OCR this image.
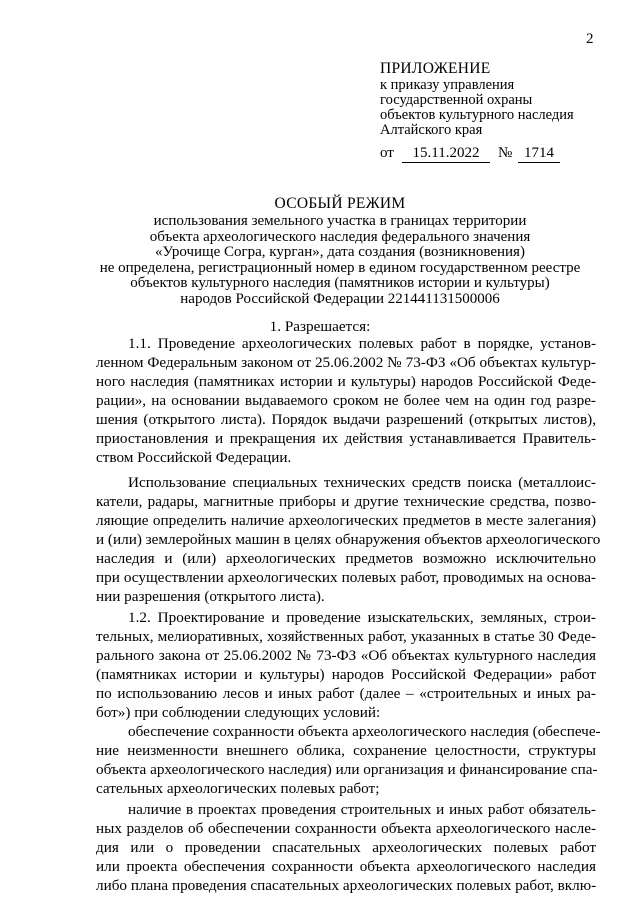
2
ПРИЛОЖЕНИЕ
к приказу управления
государственной охраны
объектов культурного наследия
Алтайского края
от	15.11.2022	№ 1714
ОСОБЫЙ РЕЖИМ
использования земельного участка в границах территории
объекта археологического наследия федерального значения
«Урочище Согра, курган», дата создания (возникновения)
не определена, регистрационный номер в едином государственном реестре
объектов культурного наследия (памятников истории и культуры)
народов Российской Федерации 221441131500006
1. Разрешается:
1.1. Проведение археологических полевых работ в порядке, установ-
ленном Федеральным законом от 25.06.2002 № 73-ФЗ «Об объектах культур-
ного наследия (памятниках истории и культуры) народов Российской Феде-
рации», на основании выдаваемого сроком не более чем на один год разре-
шения (открытого листа). Порядок выдачи разрешений (открытых листов),
приостановления и прекращения их действия устанавливается Правитель-
ством Российской Федерации.
Использование специальных технических средств поиска (металлоис-
катели, радары, магнитные приборы и другие технические средства, позво-
ляющие определить наличие археологических предметов в месте залегания)
и (или) землеройных машин в целях обнаружения объектов археологического
наследия и (или) археологических предметов возможно исключительно
при осуществлении археологических полевых работ, проводимых на основа-
нии разрешения (открытого листа).
1.2. Проектирование и проведение изыскательских, земляных, строи-
тельных, мелиоративных, хозяйственных работ, указанных в статье 30 Феде-
рального закона от 25.06.2002 № 73-ФЗ «Об объектах культурного наследия
(памятниках истории и культуры) народов Российской Федерации» работ
по использованию лесов и иных работ (далее – «строительных и иных ра-
бот») при соблюдении следующих условий:
обеспечение сохранности объекта археологического наследия (обеспече-
ние неизменности внешнего облика, сохранение целостности, структуры
объекта археологического наследия) или организация и финансирование спа-
сательных археологических полевых работ;
наличие в проектах проведения строительных и иных работ обязатель-
ных разделов об обеспечении сохранности объекта археологического насле-
дия или о проведении спасательных археологических полевых работ
или проекта обеспечения сохранности объекта археологического наследия
либо плана проведения спасательных археологических полевых работ, вклю-
